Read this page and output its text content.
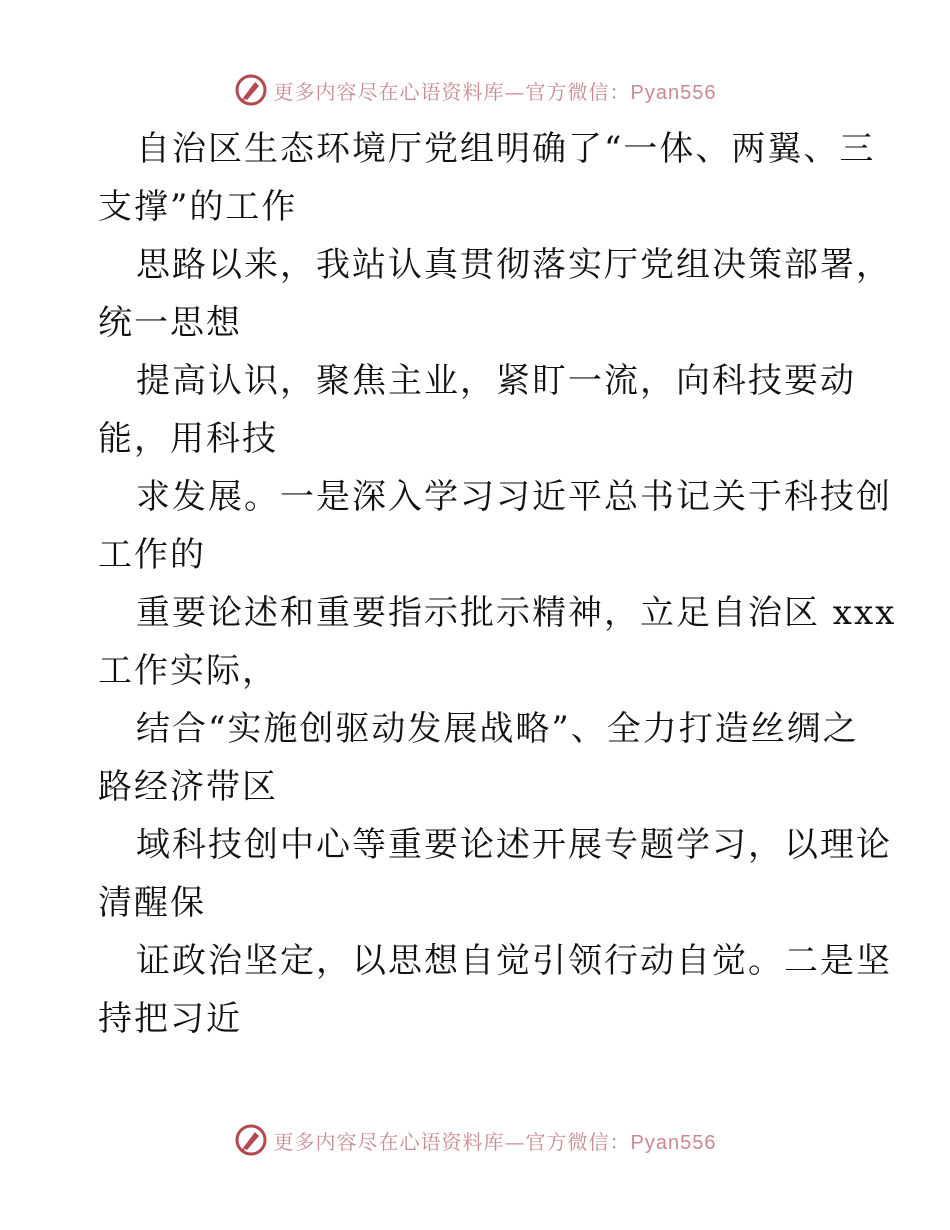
更多内容尽在心语资料库—官方微信：Pyan556
自治区生态环境厅党组明确了“一体、两翼、三
支撑”的工作
思路以来，我站认真贯彻落实厅党组决策部署，
统一思想
提高认识，聚焦主业，紧盯一流，向科技要动
能，用科技
求发展。一是深入学习习近平总书记关于科技创
工作的
重要论述和重要指示批示精神，立足自治区 xxx
工作实际，
结合“实施创驱动发展战略”、全力打造丝绸之
路经济带区
域科技创中心等重要论述开展专题学习，以理论
清醒保
证政治坚定，以思想自觉引领行动自觉。二是坚
持把习近
更多内容尽在心语资料库—官方微信：Pyan556
